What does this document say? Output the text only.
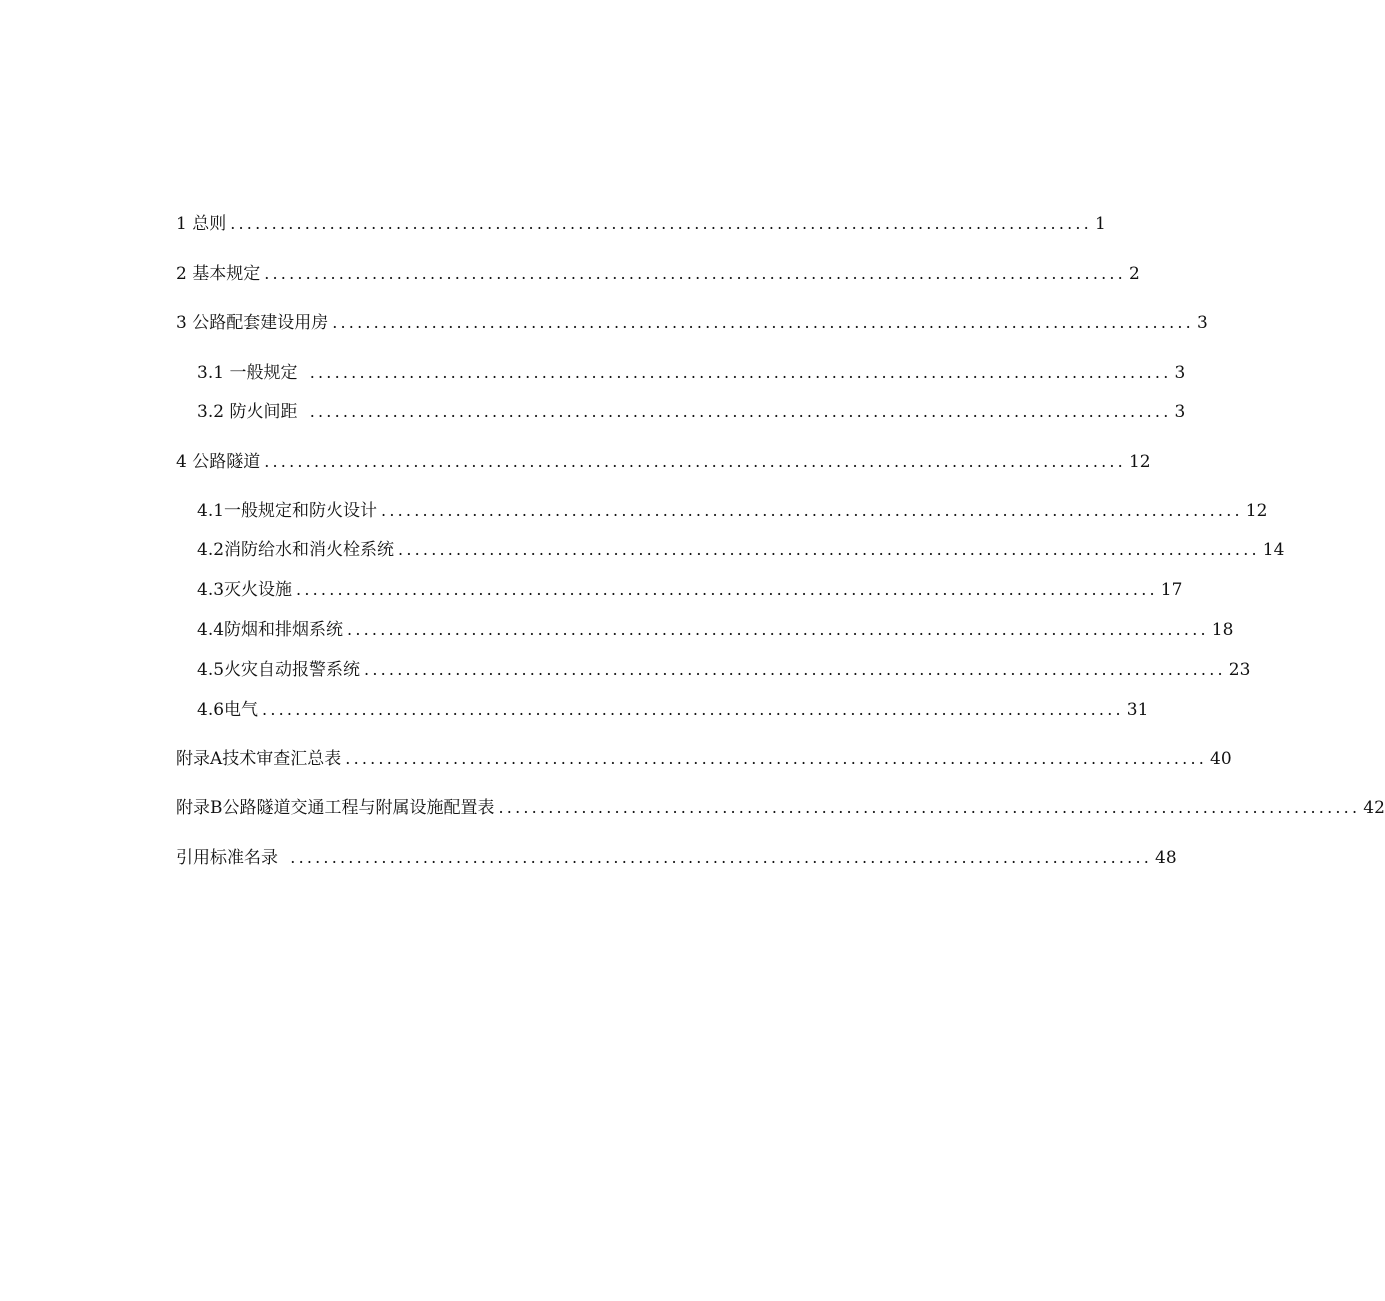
1
总则 ........................................................................................................ 1
2
基本规定 ........................................................................................................ 2
3
公路配套建设用房 ........................................................................................................ 3
3.1
一般规定 ........................................................................................................ 3
3.2
防火间距 ........................................................................................................ 3
4
公路隧道 ........................................................................................................ 12
4.1 一般规定和防火设计 ........................................................................................................ 12
4.2 消防给水和消火栓系统 ........................................................................................................ 14
4.3 灭火设施 ........................................................................................................ 17
4.4 防烟和排烟系统 ........................................................................................................ 18
4.5 火灾自动报警系统 ........................................................................................................ 23
4.6 电气 ........................................................................................................ 31
附录A技术审查汇总表 ........................................................................................................ 40
附录B公路隧道交通工程与附属设施配置表 ........................................................................................................ 42
引用标准名录 ........................................................................................................ 48
